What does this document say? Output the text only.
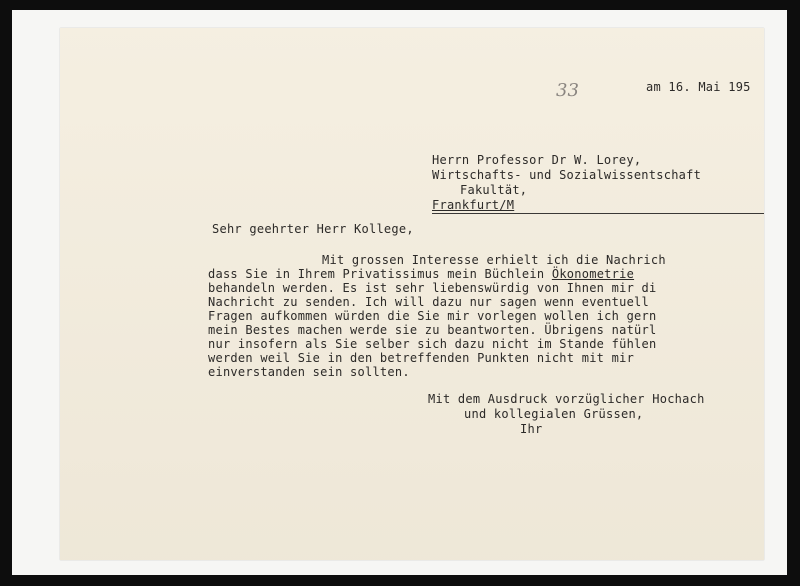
33	am 16. Mai 195
Herrn Professor Dr W. Lorey,
Wirtschafts- und Sozialwissentschaft
Fakultät,
Frankfurt/M
Sehr geehrter Herr Kollege,
Mit grossen Interesse erhielt ich die Nachrich
dass Sie in Ihrem Privatissimus mein Büchlein Ökonometrie
behandeln werden. Es ist sehr liebenswürdig von Ihnen mir di
Nachricht zu senden. Ich will dazu nur sagen wenn eventuell
Fragen aufkommen würden die Sie mir vorlegen wollen ich gern
mein Bestes machen werde sie zu beantworten. Übrigens natürl
nur insofern als Sie selber sich dazu nicht im Stande fühlen
werden weil Sie in den betreffenden Punkten nicht mit mir
einverstanden sein sollten.
Mit dem Ausdruck vorzüglicher Hochach
und kollegialen Grüssen,
Ihr
